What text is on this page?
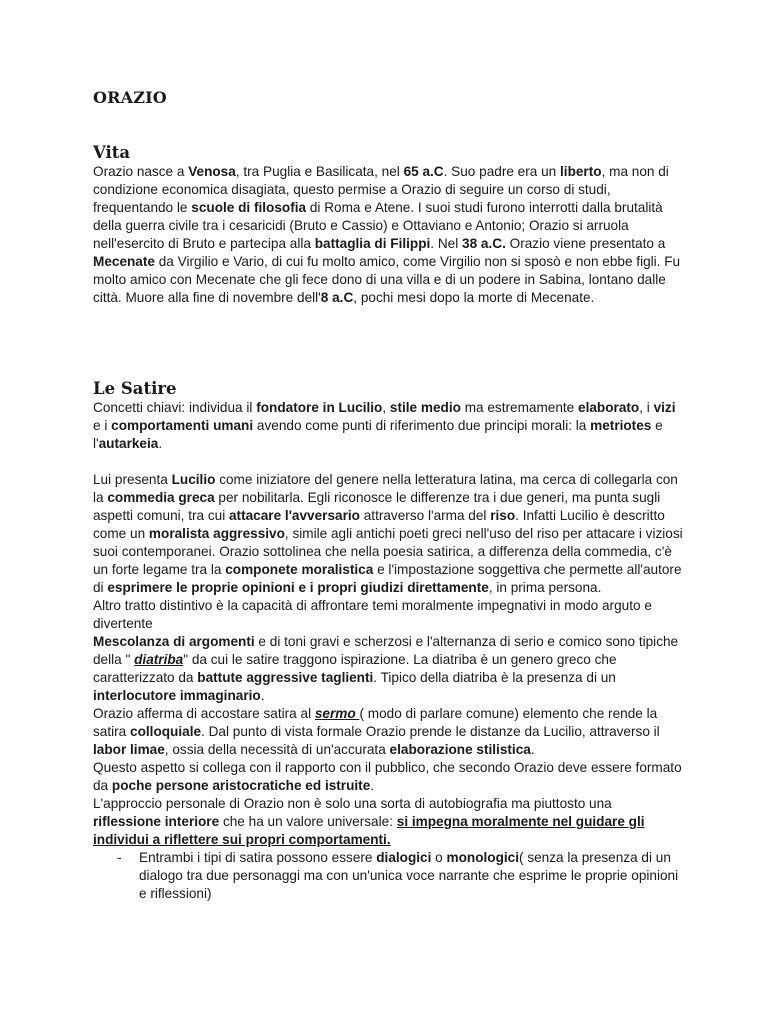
ORAZIO
Vita

Orazio nasce a Venosa, tra Puglia e Basilicata, nel 65 a.C. Suo padre era un liberto, ma non di condizione economica disagiata, questo permise a Orazio di seguire un corso di studi, frequentando le scuole di filosofia di Roma e Atene. I suoi studi furono interrotti dalla brutalità della guerra civile tra i cesaricidi (Bruto e Cassio) e Ottaviano e Antonio; Orazio si arruola nell'esercito di Bruto e partecipa alla battaglia di Filippi. Nel 38 a.C. Orazio viene presentato a Mecenate da Virgilio e Vario, di cui fu molto amico, come Virgilio non si sposò e non ebbe figli. Fu molto amico con Mecenate che gli fece dono di una villa e di un podere in Sabina, lontano dalle città. Muore alla fine di novembre dell'8 a.C, pochi mesi dopo la morte di Mecenate.

Le Satire

Concetti chiavi: individua il fondatore in Lucilio, stile medio ma estremamente elaborato, i vizi e i comportamenti umani avendo come punti di riferimento due principi morali: la metriotes e l'autarkeia.

Lui presenta Lucilio come iniziatore del genere nella letteratura latina, ma cerca di collegarla con la commedia greca per nobilitarla. Egli riconosce le differenze tra i due generi, ma punta sugli aspetti comuni, tra cui attacare l'avversario attraverso l'arma del riso. Infatti Lucilio è descritto come un moralista aggressivo, simile agli antichi poeti greci nell'uso del riso per attacare i viziosi suoi contemporanei. Orazio sottolinea che nella poesia satirica, a differenza della commedia, c'è un forte legame tra la componete moralistica e l'impostazione soggettiva che permette all'autore di esprimere le proprie opinioni e i propri giudizi direttamente, in prima persona.

Altro tratto distintivo è la capacità di affrontare temi moralmente impegnativi in modo arguto e divertente

Mescolanza di argomenti e di toni gravi e scherzosi e l'alternanza di serio e comico sono tipiche della " diatriba" da cui le satire traggono ispirazione. La diatriba è un genero greco che caratterizzato da battute aggressive taglienti. Tipico della diatriba è la presenza di un interlocutore immaginario.

Orazio afferma di accostare satira al sermo ( modo di parlare comune) elemento che rende la satira colloquiale. Dal punto di vista formale Orazio prende le distanze da Lucilio, attraverso il labor limae, ossia della necessità di un'accurata elaborazione stilistica.

Questo aspetto si collega con il rapporto con il pubblico, che secondo Orazio deve essere formato da poche persone aristocratiche ed istruite.

L'approccio personale di Orazio non è solo una sorta di autobiografia ma piuttosto una riflessione interiore che ha un valore universale: si impegna moralmente nel guidare gli individui a riflettere sui propri comportamenti.

- Entrambi i tipi di satira possono essere dialogici o monologici( senza la presenza di un dialogo tra due personaggi ma con un'unica voce narrante che esprime le proprie opinioni e riflessioni)
